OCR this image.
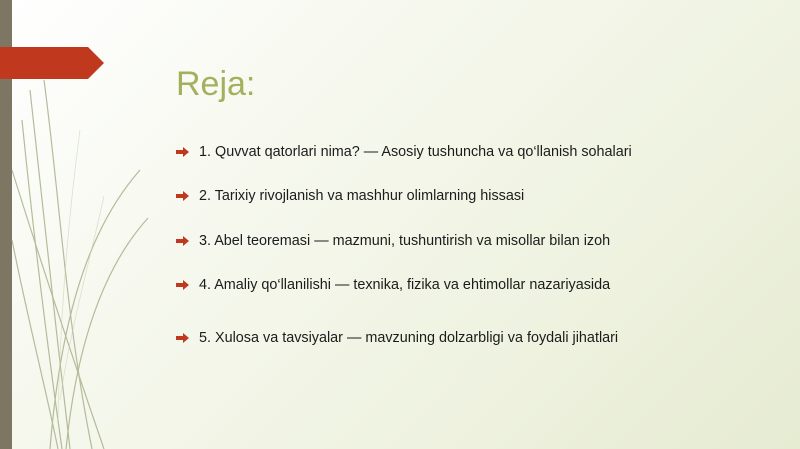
Reja:
1. Quvvat qatorlari nima? — Asosiy tushuncha va qo‘llanish sohalari
2. Tarixiy rivojlanish va mashhur olimlarning hissasi
3. Abel teoremasi — mazmuni, tushuntirish va misollar bilan izoh
4. Amaliy qo‘llanilishi — texnika, fizika va ehtimollar nazariyasida
5. Xulosa va tavsiyalar — mavzuning dolzarbligi va foydali jihatlari
